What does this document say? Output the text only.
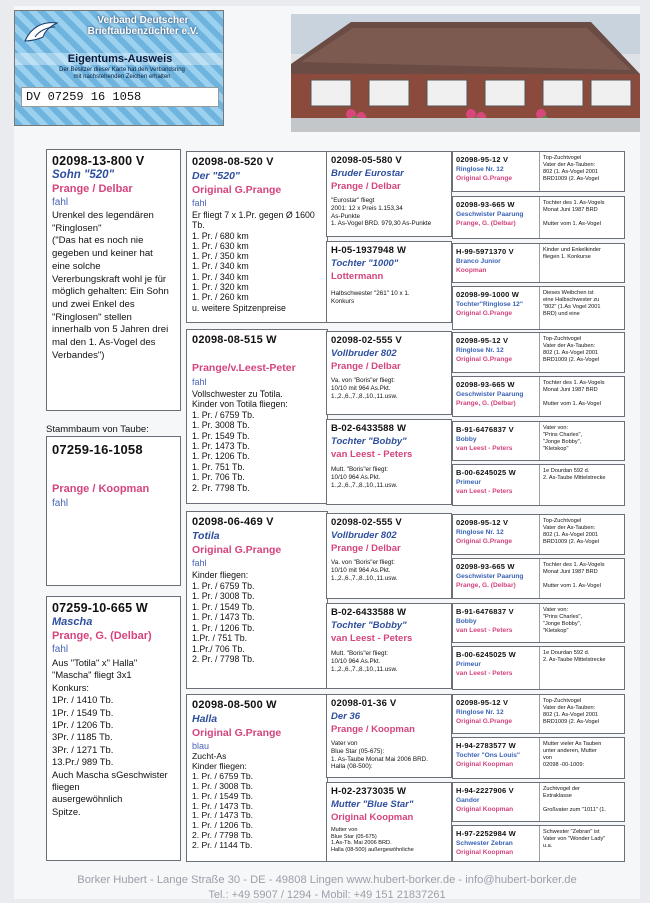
Verband Deutscher
Brieftaubenzüchter e.V.
Eigentums-Ausweis
Der Besitzer dieser Karte hat den Verbandsring
mit nachstehenden Zeichen erhalten
DV 07259 16 1058
02098-13-800 V
Sohn "520"
Prange / Delbar
fahl
Urenkel des legendären
"Ringlosen"
("Das hat es noch nie
gegeben und keiner hat
eine solche
Vererbungskraft wohl je für
möglich gehalten: Ein Sohn
und zwei Enkel des
"Ringlosen" stellen
innerhalb von 5 Jahren drei
mal den 1. As-Vogel des
Verbandes")
Stammbaum von Taube:
07259-16-1058
Prange / Koopman
fahl
07259-10-665 W
Mascha
Prange, G. (Delbar)
fahl
Aus "Totila" x" Halla"
"Mascha" fliegt 3x1
Konkurs:
1Pr. / 1410 Tb.
1Pr. / 1549 Tb.
1Pr. / 1206 Tb.
3Pr. / 1185 Tb.
3Pr. / 1271 Tb.
13.Pr./ 989 Tb.
Auch Mascha sGeschwister
fliegen
ausergewöhnlich
Spitze.
02098-08-520 V
Der "520"
Original G.Prange
fahl
Er fliegt 7 x 1.Pr. gegen Ø 1600
Tb.
1. Pr. / 680 km
1. Pr. / 630 km
1. Pr. / 350 km
1. Pr. / 340 km
1. Pr. / 340 km
1. Pr. / 320 km
1. Pr. / 260 km
u. weitere Spitzenpreise
02098-08-515 W
Prange/v.Leest-Peter
fahl
Vollschwester zu Totila.
Kinder von Totila fliegen:
1. Pr. / 6759 Tb.
1. Pr. 3008 Tb.
1. Pr. 1549 Tb.
1. Pr. 1473 Tb.
1. Pr. 1206 Tb.
1. Pr. 751 Tb.
1. Pr. 706 Tb.
2. Pr. 7798 Tb.
02098-06-469 V
Totila
Original G.Prange
fahl
Kinder fliegen:
1. Pr. / 6759 Tb.
1. Pr. / 3008 Tb.
1. Pr. / 1549 Tb.
1. Pr. / 1473 Tb.
1. Pr. / 1206 Tb.
1.Pr. / 751 Tb.
1.Pr./ 706 Tb.
2. Pr. / 7798 Tb.
02098-08-500 W
Halla
Original G.Prange
blau
Zucht-As
Kinder fliegen:
1. Pr. / 6759 Tb.
1. Pr. / 3008 Tb.
1. Pr. / 1549 Tb.
1. Pr. / 1473 Tb.
1. Pr. / 1473 Tb.
1. Pr. / 1206 Tb.
2. Pr. / 7798 Tb.
2. Pr. / 1144 Tb.
02098-05-580 V
Bruder Eurostar
Prange / Delbar
"Eurostar" fliegt
2001: 12 x Preis 1.153,34
As-Punkte
1. As-Vogel BRD. 979,30 As-Punkte
H-05-1937948 W
Tochter "1000"
Lottermann
Halbschwester "261" 10 x 1.
Konkurs
02098-02-555 V
Vollbruder 802
Prange / Delbar
Va. von "Boris"er fliegt:
10/10 mit 964 As.Pkt.
1.,2.,6.,7.,8.,10.,11.usw.
B-02-6433588 W
Tochter "Bobby"
van Leest - Peters
Mutt. "Boris"er fliegt:
10/10 964 As.Pkt.
1.,2.,6.,7.,8.,10.,11.usw.
02098-02-555 V
Vollbruder 802
Prange / Delbar
Va. von "Boris"er fliegt:
10/10 mit 964 As.Pkt.
1.,2.,6.,7.,8.,10.,11.usw.
B-02-6433588 W
Tochter "Bobby"
van Leest - Peters
Mutt. "Boris"er fliegt:
10/10 964 As.Pkt.
1.,2.,6.,7.,8.,10.,11.usw.
02098-01-36 V
Der 36
Prange / Koopman
Vater von
Blue Star (05-675):
1. As-Taube Monat Mai 2006 BRD.
Halla (08-500):
H-02-2373035 W
Mutter "Blue Star"
Original Koopman
Mutter von
Blue Star (05-675)
1.As-Tb. Mai 2006 BRD.
Halla (08-500) außergewöhnliche
02098-95-12 V
Ringlose Nr. 12
Original G.Prange
Top-Zuchtvogel
Vater der As-Tauben:
802 (1. As-Vogel 2001
BRD1009 (2. As-Vogel
02098-93-665 W
Geschwister Paarung
Prange, G. (Delbar)
Tochter des 1. As-Vogels
Monat Juni 1987 BRD
Mutter vom 1. As-Vogel
H-99-5971370 V
Branco Junior
Koopman
Kinder und Enkelkinder
fliegen 1. Konkurse
02098-99-1000 W
Tochter"Ringlose 12"
Original G.Prange
Dieses Weibchen ist
eine Halbschwester zu
"802" (1.As Vogel 2001
BRD) und eine
02098-95-12 V
Ringlose Nr. 12
Original G.Prange
Top-Zuchtvogel
Vater der As-Tauben:
802 (1. As-Vogel 2001
BRD1009 (2. As-Vogel
02098-93-665 W
Geschwister Paarung
Prange, G. (Delbar)
Tochter des 1. As-Vogels
Monat Juni 1987 BRD
Mutter vom 1. As-Vogel
B-91-6476837 V
Bobby
van Leest - Peters
Vater von:
"Prins Charles",
"Jonge Bobby",
"Kletskop"
B-00-6245025 W
Primeur
van Leest - Peters
1e Dourdan 592 d.
2. As-Taube Mittelstrecke
02098-95-12 V
Ringlose Nr. 12
Original G.Prange
Top-Zuchtvogel
Vater der As-Tauben:
802 (1. As-Vogel 2001
BRD1009 (2. As-Vogel
02098-93-665 W
Geschwister Paarung
Prange, G. (Delbar)
Tochter des 1. As-Vogels
Monat Juni 1987 BRD
Mutter vom 1. As-Vogel
B-91-6476837 V
Bobby
van Leest - Peters
Vater von:
"Prins Charles",
"Jonge Bobby",
"Kletskop"
B-00-6245025 W
Primeur
van Leest - Peters
1e Dourdan 592 d.
2. As-Taube Mittelstrecke
02098-95-12 V
Ringlose Nr. 12
Original G.Prange
Top-Zuchtvogel
Vater der As-Tauben:
802 (1. As-Vogel 2001
BRD1009 (2. As-Vogel
H-94-2783577 W
Tochter "Ons Louis"
Original Koopman
Mutter vieler As Tauben
unter anderen, Mutter
von
02098 -00-1009:
H-94-2227906 V
Gandor
Original Koopman
Zuchtvogel der
Extraklasse
Großvater zum "1011" (1.
H-97-2252984 W
Schwester Zebran
Original Koopman
Schwester "Zebran" ist
Vater von "Wonder Lady"
u.a.
Borker Hubert - Lange Straße 30 - DE - 49808 Lingen www.hubert-borker.de - info@hubert-borker.de
Tel.: +49 5907 / 1294 - Mobil: +49 151 21837261
